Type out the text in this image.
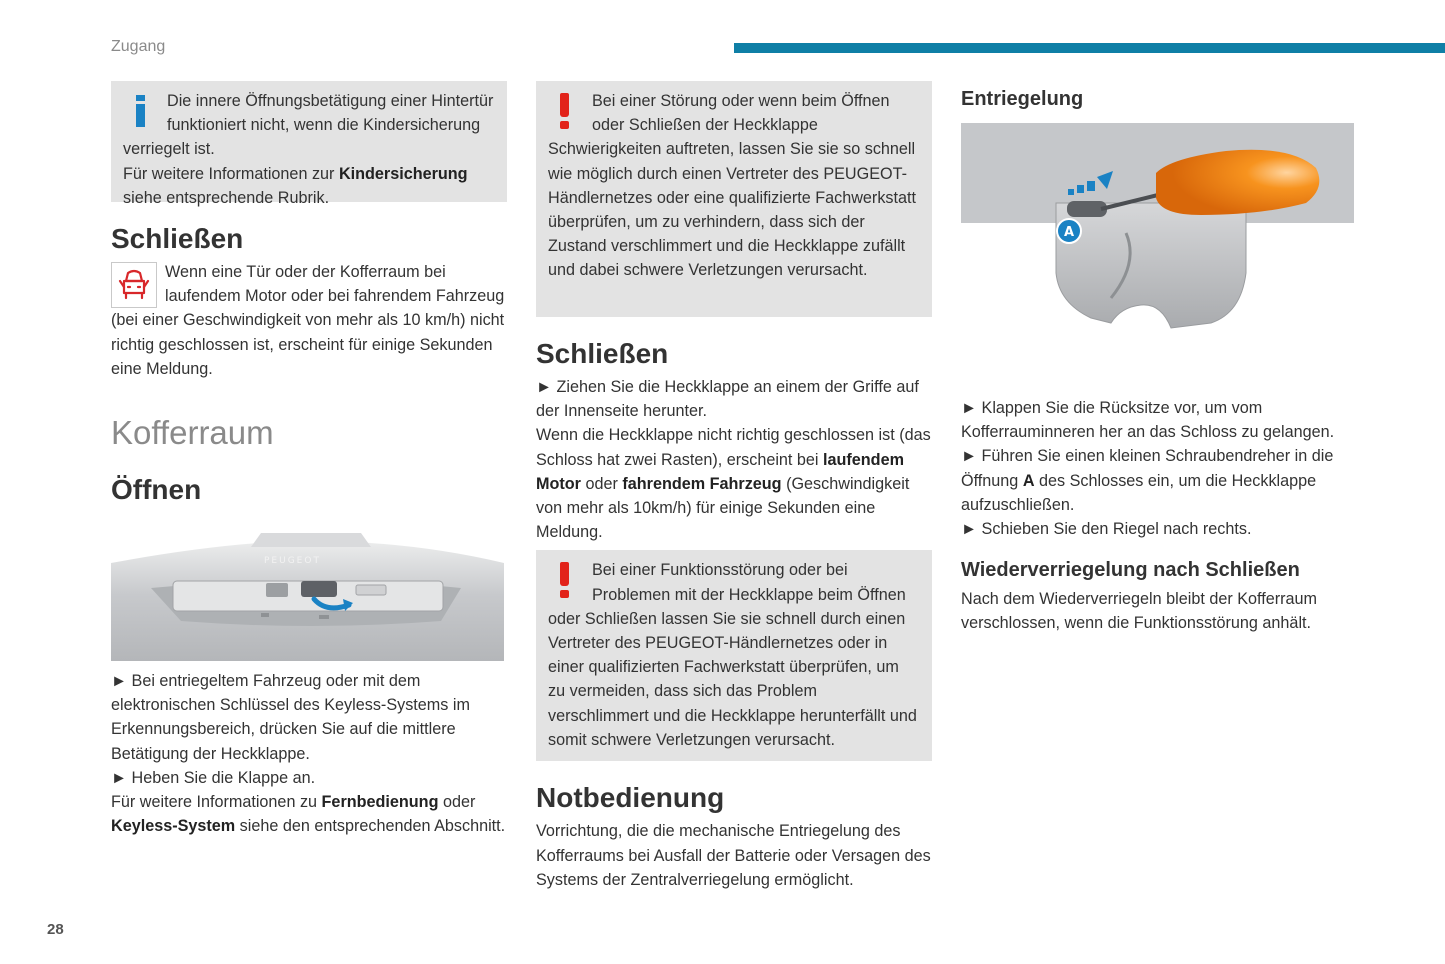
Zugang

Die innere Öffnungsbetätigung einer Hintertür funktioniert nicht, wenn die Kindersicherung verriegelt ist.

Für weitere Informationen zur Kindersicherung siehe entsprechende Rubrik.

Schließen

Wenn eine Tür oder der Kofferraum bei laufendem Motor oder bei fahrendem Fahrzeug (bei einer Geschwindigkeit von mehr als 10 km/h) nicht richtig geschlossen ist, erscheint für einige Sekunden eine Meldung.

Kofferraum
Öffnen
PEUGEOT

► Bei entriegeltem Fahrzeug oder mit dem elektronischen Schlüssel des Keyless-Systems im Erkennungsbereich, drücken Sie auf die mittlere Betätigung der Heckklappe.

► Heben Sie die Klappe an.

Für weitere Informationen zu Fernbedienung oder Keyless-System siehe den entsprechenden Abschnitt.

Bei einer Störung oder wenn beim Öffnen oder Schließen der Heckklappe Schwierigkeiten auftreten, lassen Sie sie so schnell wie möglich durch einen Vertreter des PEUGEOT-Händlernetzes oder eine qualifizierte Fachwerkstatt überprüfen, um zu verhindern, dass sich der Zustand verschlimmert und die Heckklappe zufällt und dabei schwere Verletzungen verursacht.

Schließen

► Ziehen Sie die Heckklappe an einem der Griffe auf der Innenseite herunter.

Wenn die Heckklappe nicht richtig geschlossen ist (das Schloss hat zwei Rasten), erscheint bei laufendem Motor oder fahrendem Fahrzeug (Geschwindigkeit von mehr als 10km/h) für einige Sekunden eine Meldung.

Bei einer Funktionsstörung oder bei Problemen mit der Heckklappe beim Öffnen oder Schließen lassen Sie sie schnell durch einen Vertreter des PEUGEOT-Händlernetzes oder in einer qualifizierten Fachwerkstatt überprüfen, um zu vermeiden, dass sich das Problem verschlimmert und die Heckklappe herunterfällt und somit schwere Verletzungen verursacht.

Notbedienung

Vorrichtung, die die mechanische Entriegelung des Kofferraums bei Ausfall der Batterie oder Versagen des Systems der Zentralverriegelung ermöglicht.

Entriegelung
A

► Klappen Sie die Rücksitze vor, um vom Kofferrauminneren her an das Schloss zu gelangen.

► Führen Sie einen kleinen Schraubendreher in die Öffnung A des Schlosses ein, um die Heckklappe aufzuschließen.

► Schieben Sie den Riegel nach rechts.

Wiederverriegelung nach Schließen

Nach dem Wiederverriegeln bleibt der Kofferraum verschlossen, wenn die Funktionsstörung anhält.

28
